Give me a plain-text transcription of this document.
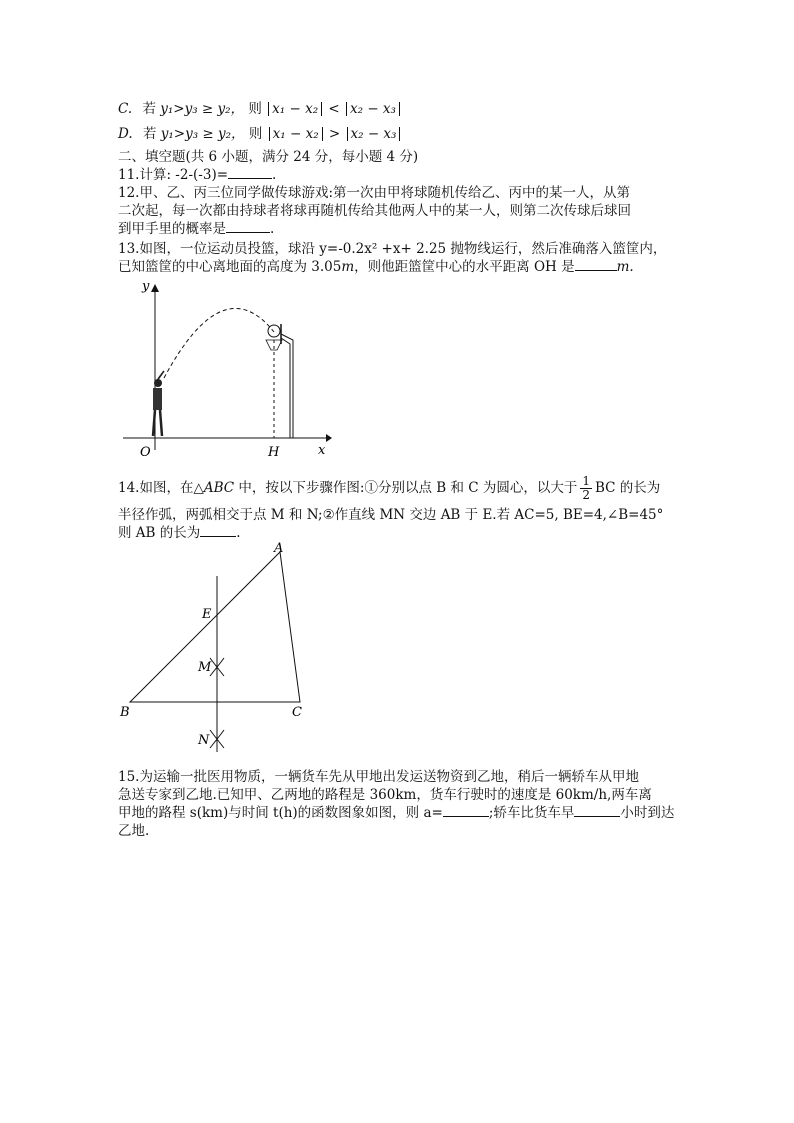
C. 若 y₁>y₃ ≥ y₂， 则 x₁ − x₂ < x₂ − x₃
D. 若 y₁>y₃ ≥ y₂， 则 x₁ − x₂ > x₂ − x₃
二、填空题(共 6 小题，满分 24 分，每小题 4 分)
11.计算: -2-(-3)=	.
12.甲、乙、丙三位同学做传球游戏:第一次由甲将球随机传给乙、丙中的某一人，从第
二次起，每一次都由持球者将球再随机传给其他两人中的某一人，则第二次传球后球回
到甲手里的概率是	.
13.如图，一位运动员投篮，球沿 y=-0.2x² +x+ 2.25 抛物线运行，然后准确落入篮筐内，
已知篮筐的中心离地面的高度为 3.05m，则他距篮筐中心的水平距离 OH 是	m.
y
x
O	H
14.如图，在△ABC 中，按以下步骤作图:①分别以点 B 和 C 为圆心，以大于 $\frac{1}{2}$ BC 的长为
半径作弧，两弧相交于点 M 和 N;②作直线 MN 交边 AB 于 E.若 AC=5, BE=4,∠B=45°
则 AB 的长为	.
A
B	C
E
M
N
15.为运输一批医用物质，一辆货车先从甲地出发运送物资到乙地，稍后一辆轿车从甲地
急送专家到乙地.已知甲、乙两地的路程是 360km，货车行驶时的速度是 60km/h,两车离
甲地的路程 s(km)与时间 t(h)的函数图象如图，则 a=	;轿车比货车早	小时到达
乙地.
